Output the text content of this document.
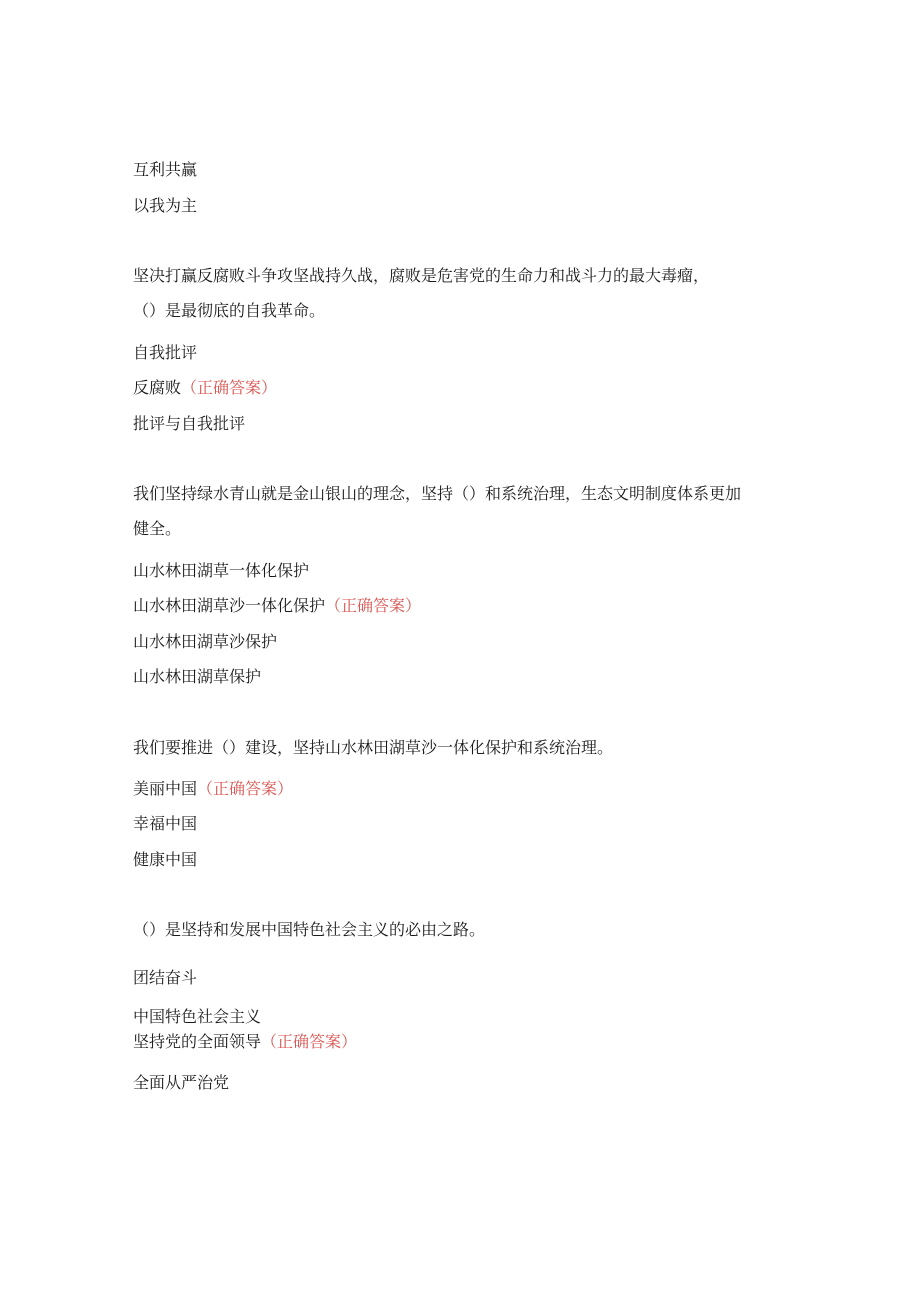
互利共赢
以我为主
坚决打赢反腐败斗争攻坚战持久战，腐败是危害党的生命力和战斗力的最大毒瘤，
（）是最彻底的自我革命。
自我批评
反腐败（正确答案）
批评与自我批评
我们坚持绿水青山就是金山银山的理念，坚持（）和系统治理，生态文明制度体系更加
健全。
山水林田湖草一体化保护
山水林田湖草沙一体化保护（正确答案）
山水林田湖草沙保护
山水林田湖草保护
我们要推进（）建设，坚持山水林田湖草沙一体化保护和系统治理。
美丽中国（正确答案）
幸福中国
健康中国
（）是坚持和发展中国特色社会主义的必由之路。
团结奋斗
中国特色社会主义
坚持党的全面领导（正确答案）
全面从严治党
